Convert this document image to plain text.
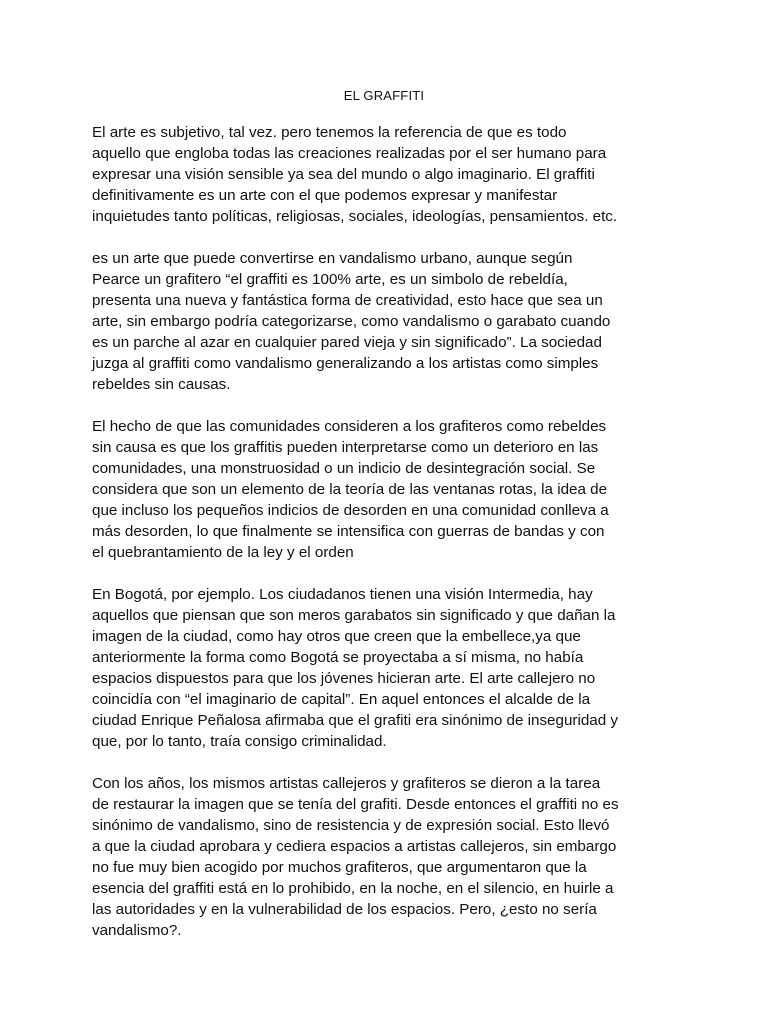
EL GRAFFITI
El arte es subjetivo, tal vez. pero tenemos la referencia de que es todo
aquello que engloba todas las creaciones realizadas por el ser humano para
expresar una visión sensible ya sea del mundo o algo imaginario. El graffiti
definitivamente es un arte con el que podemos expresar y manifestar
inquietudes tanto políticas, religiosas, sociales, ideologías, pensamientos. etc.
es un arte que puede convertirse en vandalismo urbano, aunque según
Pearce un grafitero “el graffiti es 100% arte, es un simbolo de rebeldía,
presenta una nueva y fantástica forma de creatividad, esto hace que sea un
arte, sin embargo podría categorizarse, como vandalismo o garabato cuando
es un parche al azar en cualquier pared vieja y sin significado”. La sociedad
juzga al graffiti como vandalismo generalizando a los artistas como simples
rebeldes sin causas.
El hecho de que las comunidades consideren a los grafiteros como rebeldes
sin causa es que los graffitis pueden interpretarse como un deterioro en las
comunidades, una monstruosidad o un indicio de desintegración social. Se
considera que son un elemento de la teoría de las ventanas rotas, la idea de
que incluso los pequeños indicios de desorden en una comunidad conlleva a
más desorden, lo que finalmente se intensifica con guerras de bandas y con
el quebrantamiento de la ley y el orden
En Bogotá, por ejemplo. Los ciudadanos tienen una visión Intermedia, hay
aquellos que piensan que son meros garabatos sin significado y que dañan la
imagen de la ciudad, como hay otros que creen que la embellece,ya que
anteriormente la forma como Bogotá se proyectaba a sí misma, no había
espacios dispuestos para que los jóvenes hicieran arte. El arte callejero no
coincidía con “el imaginario de capital”. En aquel entonces el alcalde de la
ciudad Enrique Peñalosa afirmaba que el grafiti era sinónimo de inseguridad y
que, por lo tanto, traía consigo criminalidad.
Con los años, los mismos artistas callejeros y grafiteros se dieron a la tarea
de restaurar la imagen que se tenía del grafiti. Desde entonces el graffiti no es
sinónimo de vandalismo, sino de resistencia y de expresión social. Esto llevó
a que la ciudad aprobara y cediera espacios a artistas callejeros, sin embargo
no fue muy bien acogido por muchos grafiteros, que argumentaron que la
esencia del graffiti está en lo prohibido, en la noche, en el silencio, en huirle a
las autoridades y en la vulnerabilidad de los espacios. Pero, ¿esto no sería
vandalismo?.
